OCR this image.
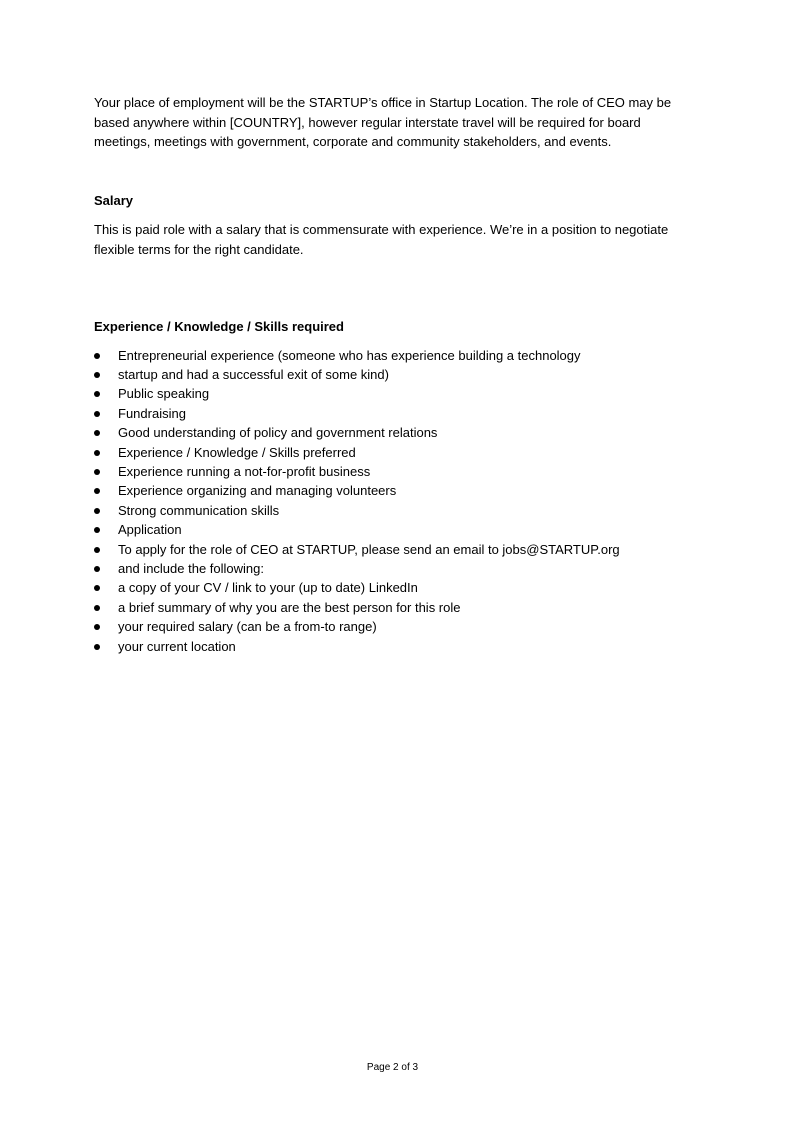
Your place of employment will be the STARTUP’s office in Startup Location. The role of CEO may be based anywhere within [COUNTRY], however regular interstate travel will be required for board meetings, meetings with government, corporate and community stakeholders, and events.

Salary

This is paid role with a salary that is commensurate with experience. We’re in a position to negotiate flexible terms for the right candidate.

Experience / Knowledge / Skills required
Entrepreneurial experience (someone who has experience building a technology
startup and had a successful exit of some kind)
Public speaking
Fundraising
Good understanding of policy and government relations
Experience / Knowledge / Skills preferred
Experience running a not-for-profit business
Experience organizing and managing volunteers
Strong communication skills
Application
To apply for the role of CEO at STARTUP, please send an email to jobs@STARTUP.org
and include the following:
a copy of your CV / link to your (up to date) LinkedIn
a brief summary of why you are the best person for this role
your required salary (can be a from-to range)
your current location
Page 2 of 3
